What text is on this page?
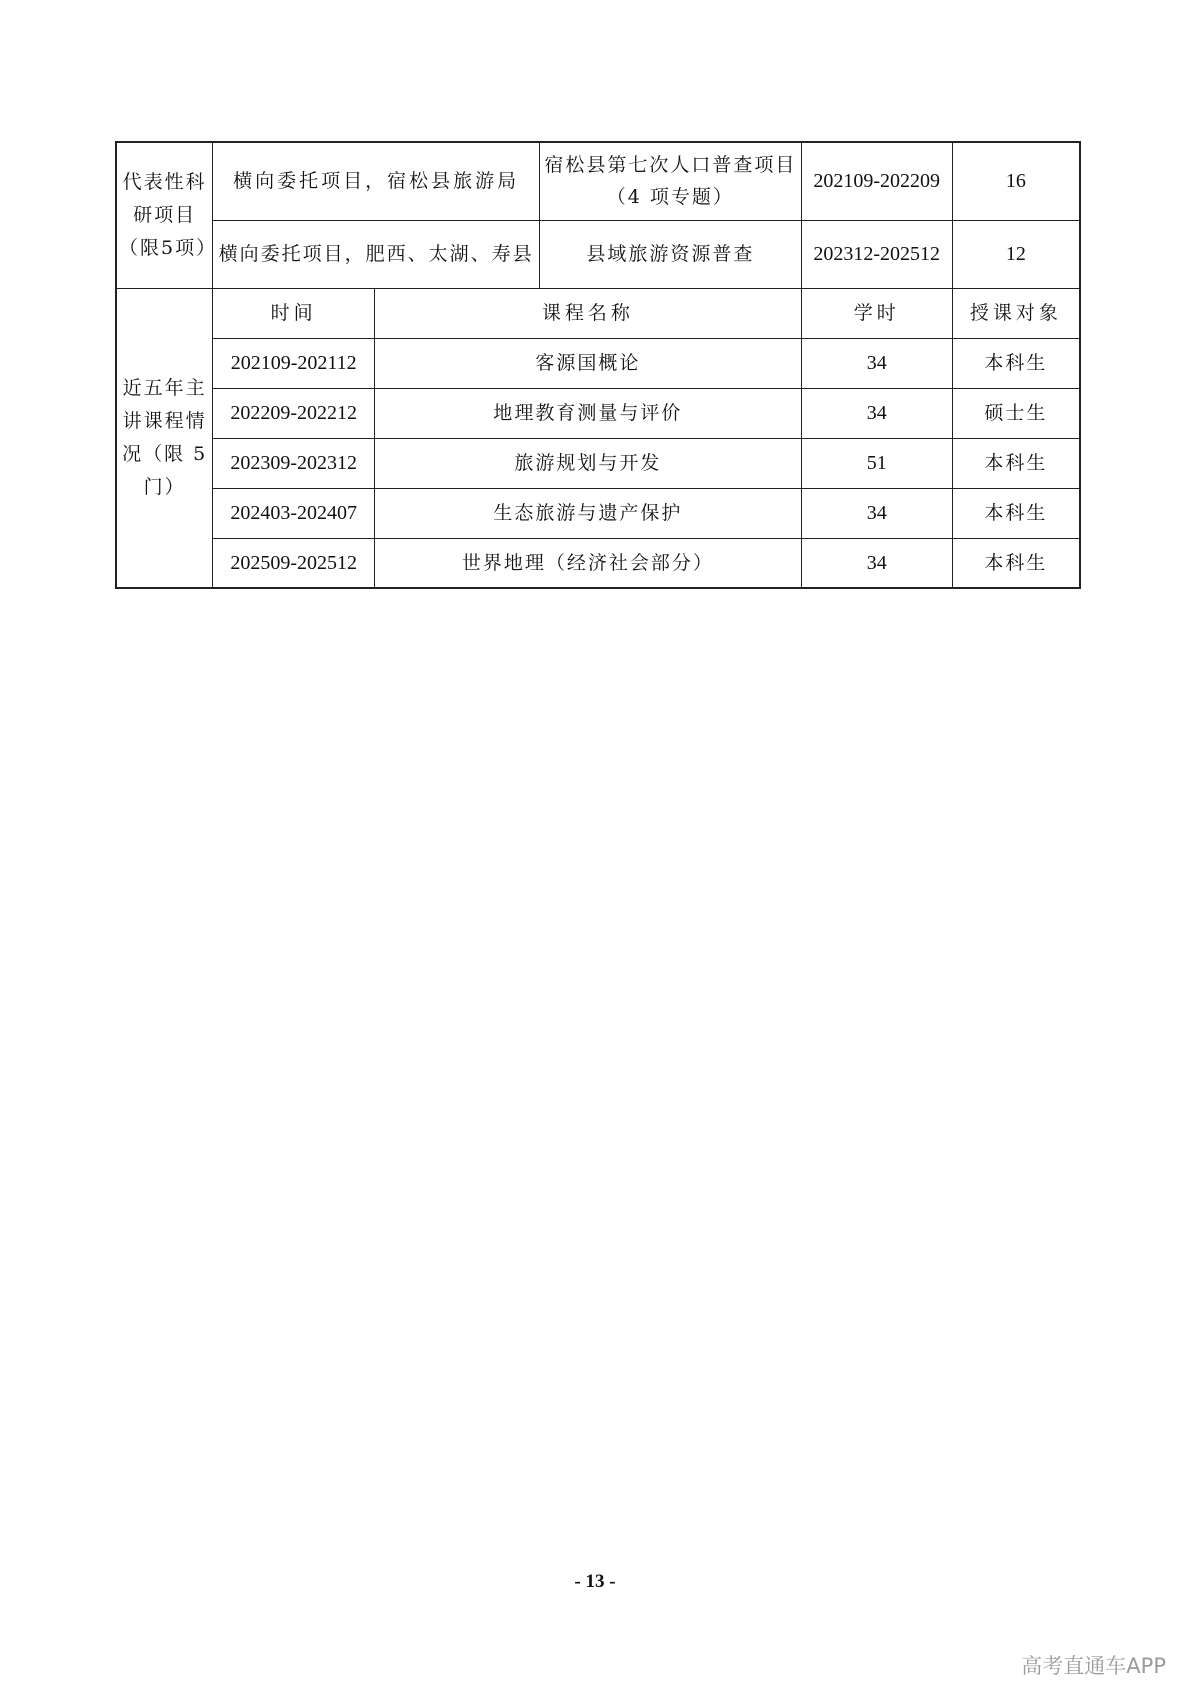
代表性科研项目（限5项）	横向委托项目，宿松县旅游局		宿松县第七次人口普查项目（4 项专题）	202109-202209	16
	横向委托项目，肥西、太湖、寿县		县域旅游资源普查	202312-202512	12
近五年主讲课程情况（限 5 门）	时间	课程名称		学时	授课对象
	202109-202112	客源国概论		34	本科生
	202209-202212	地理教育测量与评价		34	硕士生
	202309-202312	旅游规划与开发		51	本科生
	202403-202407	生态旅游与遗产保护		34	本科生
	202509-202512	世界地理（经济社会部分）		34	本科生
- 13 -
高考直通车APP
